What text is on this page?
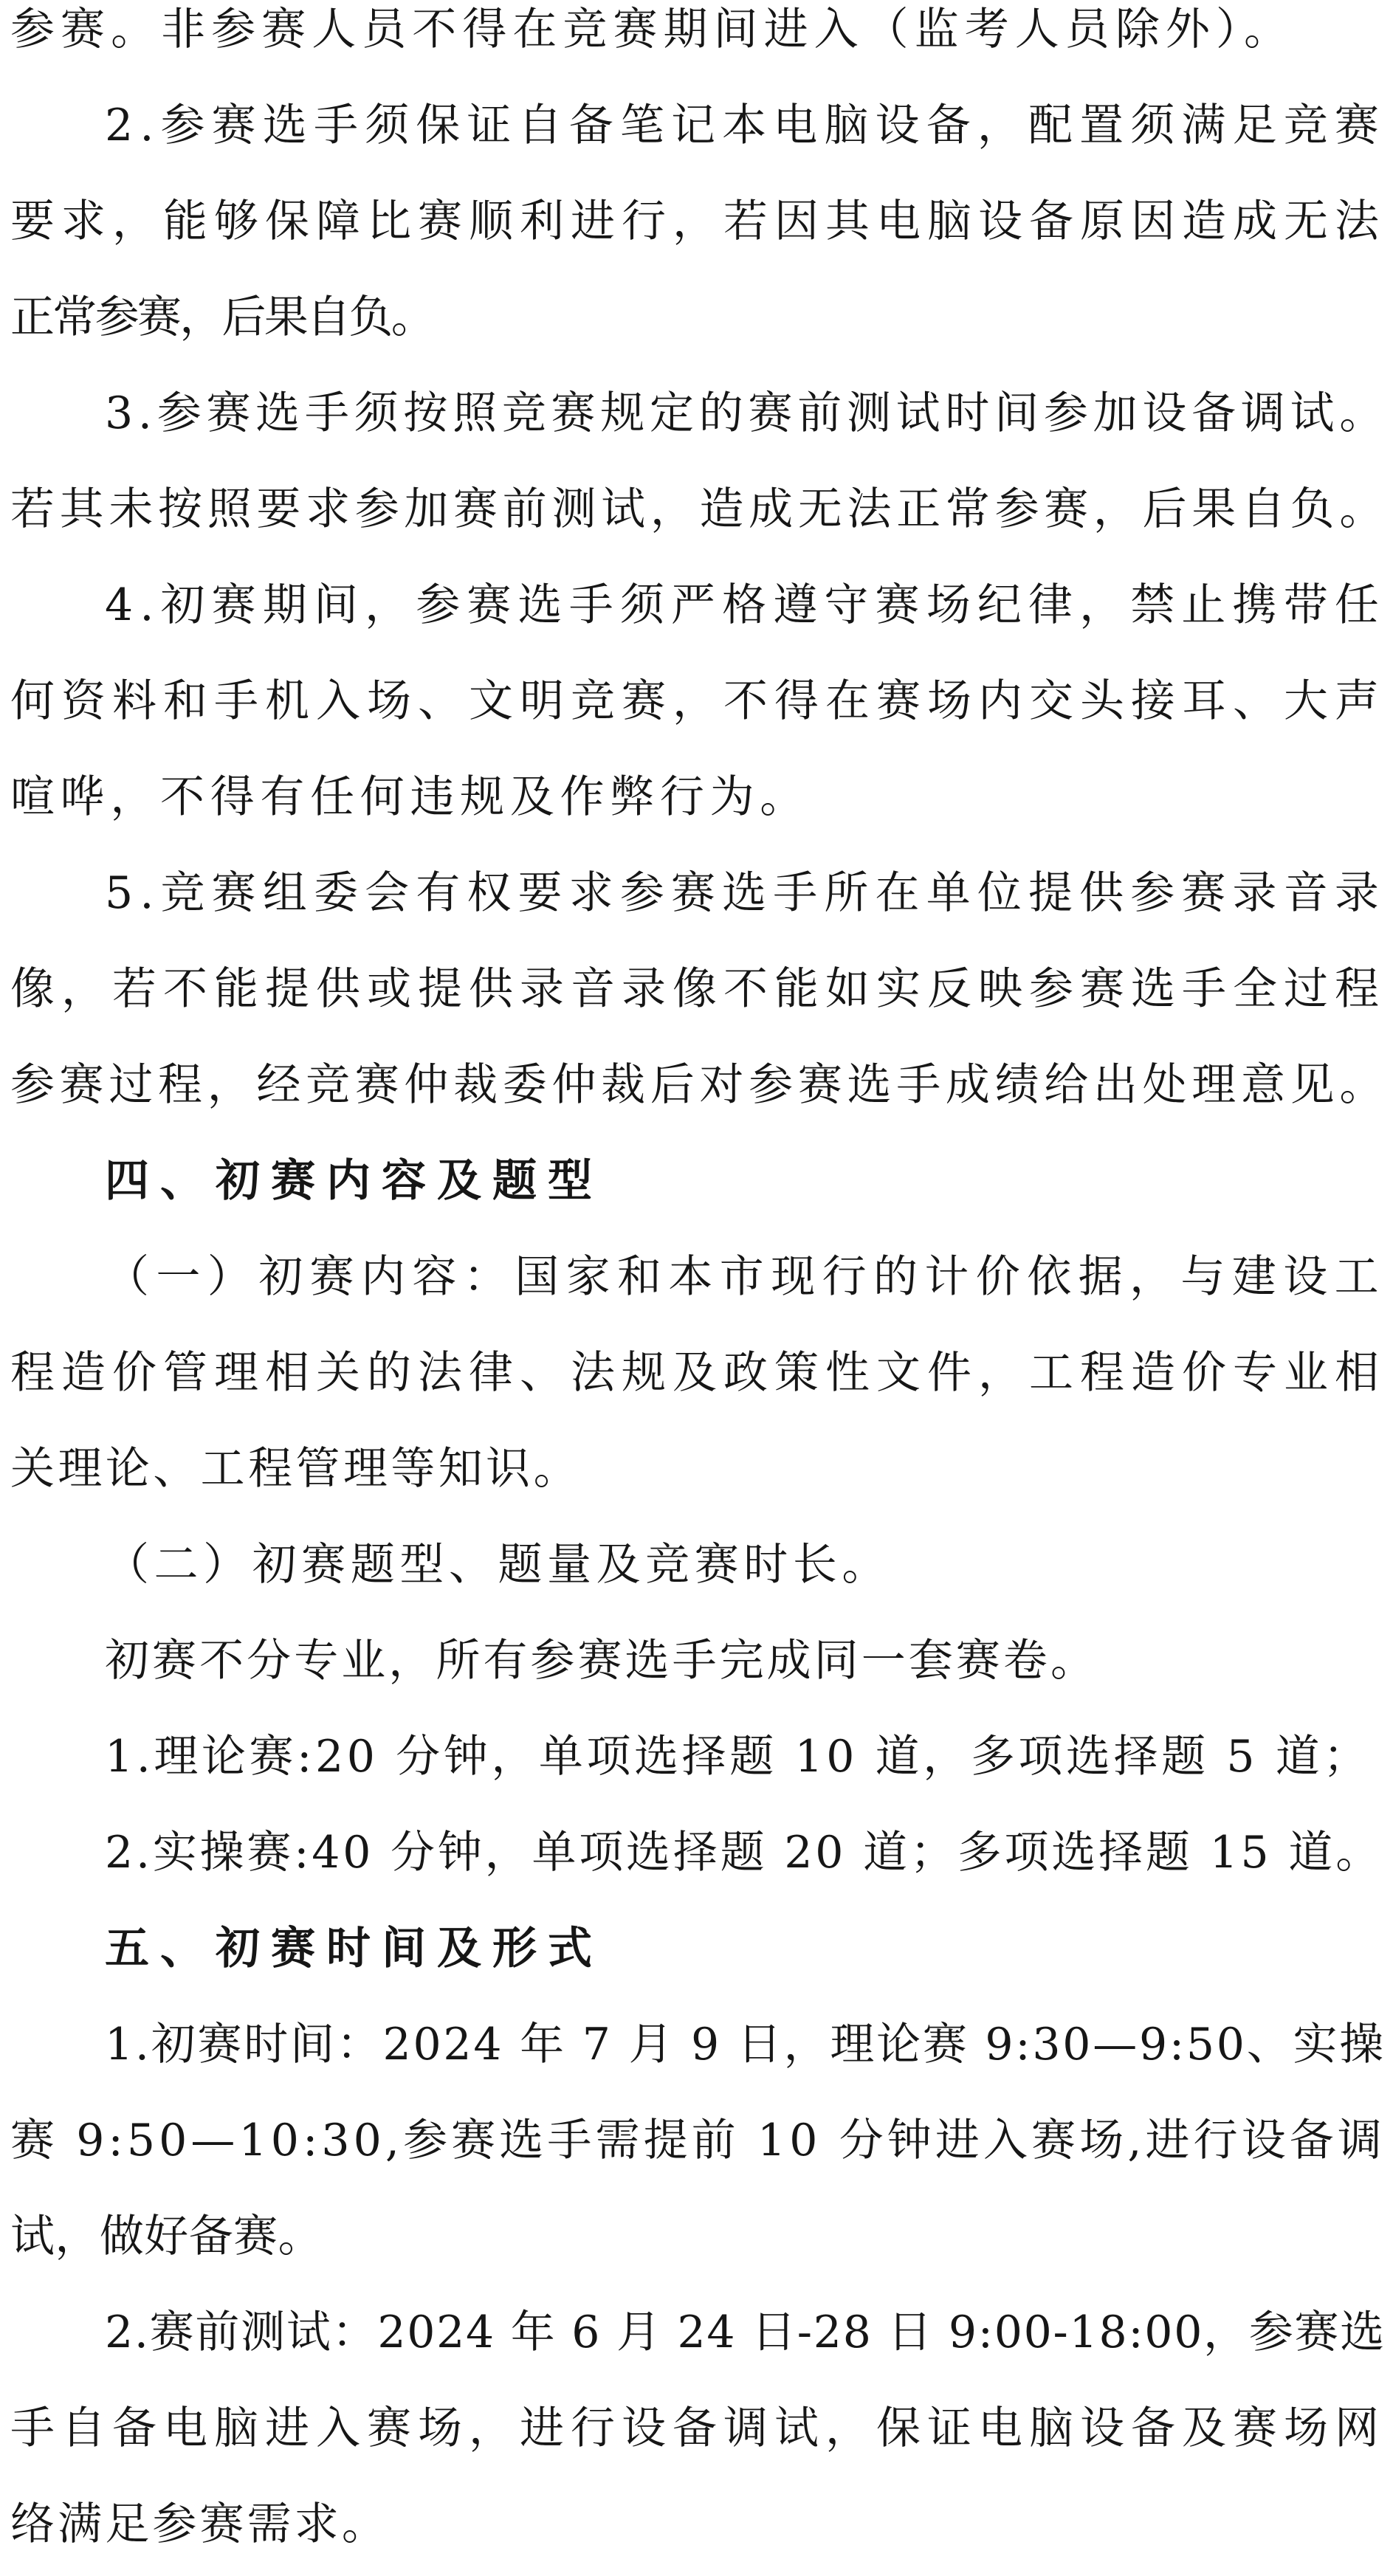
参赛。非参赛人员不得在竞赛期间进入（监考人员除外）。
2.参赛选手须保证自备笔记本电脑设备，配置须满足竞赛
要求，能够保障比赛顺利进行，若因其电脑设备原因造成无法
正常参赛，后果自负。
3.参赛选手须按照竞赛规定的赛前测试时间参加设备调试。
若其未按照要求参加赛前测试，造成无法正常参赛，后果自负。
4.初赛期间，参赛选手须严格遵守赛场纪律，禁止携带任
何资料和手机入场、文明竞赛，不得在赛场内交头接耳、大声
喧哗，不得有任何违规及作弊行为。
5.竞赛组委会有权要求参赛选手所在单位提供参赛录音录
像，若不能提供或提供录音录像不能如实反映参赛选手全过程
参赛过程，经竞赛仲裁委仲裁后对参赛选手成绩给出处理意见。
四、初赛内容及题型
（一）初赛内容：国家和本市现行的计价依据，与建设工
程造价管理相关的法律、法规及政策性文件，工程造价专业相
关理论、工程管理等知识。
（二）初赛题型、题量及竞赛时长。
初赛不分专业，所有参赛选手完成同一套赛卷。
1.理论赛:20 分钟，单项选择题 10 道，多项选择题 5 道；
2.实操赛:40 分钟，单项选择题 20 道；多项选择题 15 道。
五、初赛时间及形式
1.初赛时间：2024 年 7 月 9 日，理论赛 9:30—9:50、实操
赛 9:50—10:30,参赛选手需提前 10 分钟进入赛场,进行设备调
试，做好备赛。
2.赛前测试：2024 年 6 月 24 日-28 日 9:00-18:00，参赛选
手自备电脑进入赛场，进行设备调试，保证电脑设备及赛场网
络满足参赛需求。
